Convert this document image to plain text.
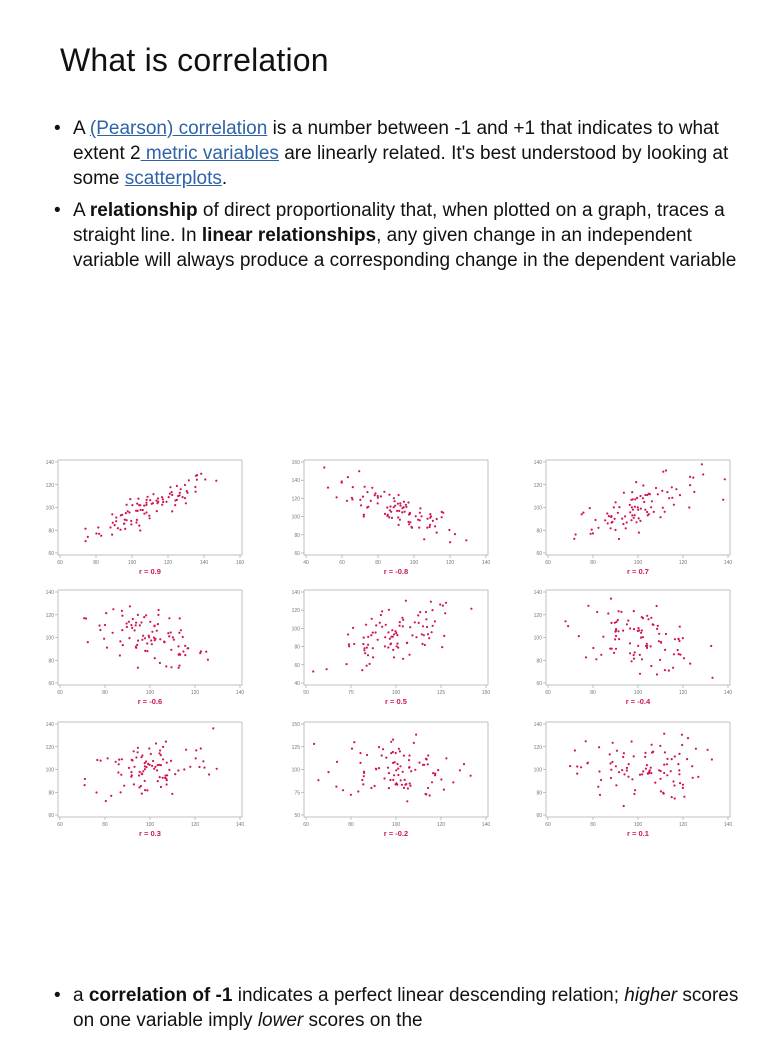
What is correlation
• A (Pearson) correlation is a number between -1 and +1 that indicates to what extent 2 metric variables are linearly related. It's best understood by looking at some scatterplots.
• A relationship of direct proportionality that, when plotted on a graph, traces a straight line. In linear relationships, any given change in an independent variable will always produce a corresponding change in the dependent variable
140
120
100
80
60
60	80	100	120	140	160
r = 0.9
160
140
120
100
80
60
40	60	80	100	120	140
r = -0.8
140
120
100
80
60
60	80	100	120	140
r = 0.7
140
120
100
80
60
60	80	100	120	140
r = -0.6
140
120
100
80
60
40
50	75	100	125	150
r = 0.5
140
120
100
80
60
60	80	100	120	140
r = -0.4
140
120
100
80
60
60	80	100	120	140
r = 0.3
150
125
100
75
50
60	80	100	120	140
r = -0.2
140
120
100
80
60
60	80	100	120	140
r = 0.1
• a correlation of -1 indicates a perfect linear descending relation; higher scores on one variable imply lower scores on the
